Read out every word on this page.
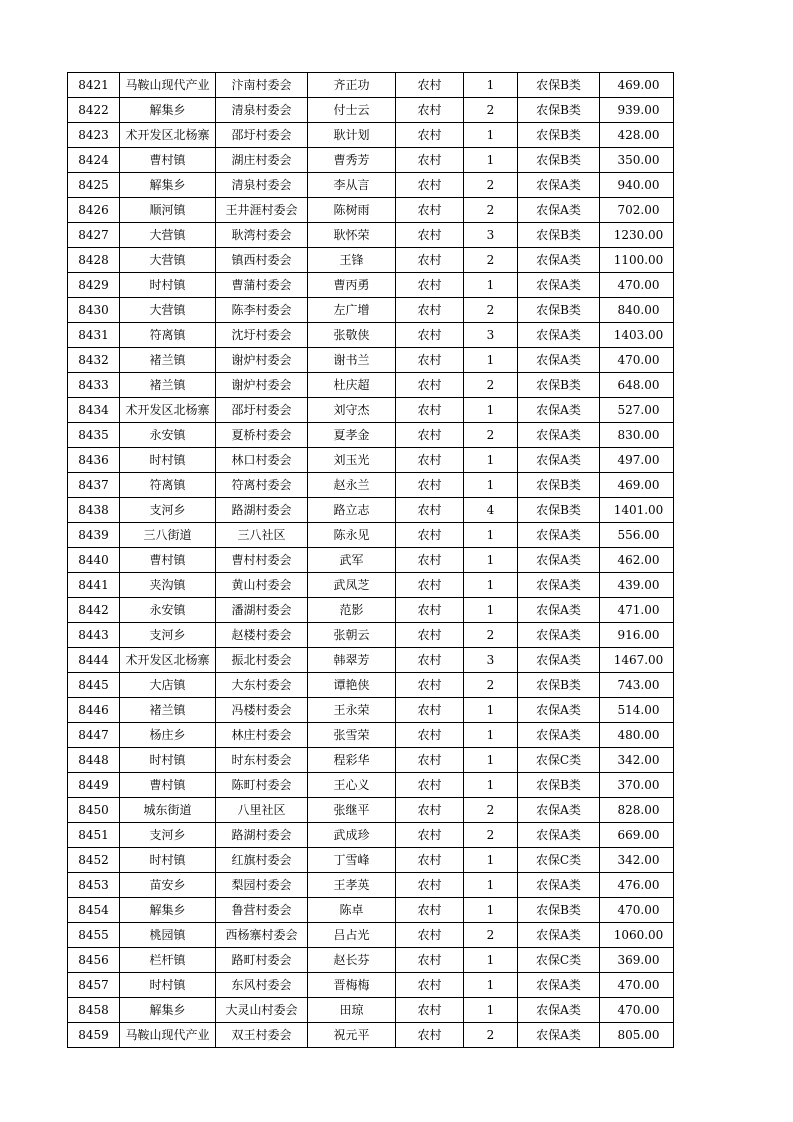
8421	马鞍山现代产业	汴南村委会	齐正功	农村	1	农保B类	469.00
8422	解集乡	清泉村委会	付士云	农村	2	农保B类	939.00
8423	术开发区北杨寨	邵圩村委会	耿计划	农村	1	农保B类	428.00
8424	曹村镇	湖庄村委会	曹秀芳	农村	1	农保B类	350.00
8425	解集乡	清泉村委会	李从言	农村	2	农保A类	940.00
8426	顺河镇	王井涯村委会	陈树雨	农村	2	农保A类	702.00
8427	大营镇	耿湾村委会	耿怀荣	农村	3	农保B类	1230.00
8428	大营镇	镇西村委会	王锋	农村	2	农保A类	1100.00
8429	时村镇	曹蒲村委会	曹丙勇	农村	1	农保A类	470.00
8430	大营镇	陈李村委会	左广增	农村	2	农保B类	840.00
8431	符离镇	沈圩村委会	张敬侠	农村	3	农保A类	1403.00
8432	褚兰镇	谢炉村委会	谢书兰	农村	1	农保A类	470.00
8433	褚兰镇	谢炉村委会	杜庆超	农村	2	农保B类	648.00
8434	术开发区北杨寨	邵圩村委会	刘守杰	农村	1	农保A类	527.00
8435	永安镇	夏桥村委会	夏孝金	农村	2	农保A类	830.00
8436	时村镇	林口村委会	刘玉光	农村	1	农保A类	497.00
8437	符离镇	符离村委会	赵永兰	农村	1	农保B类	469.00
8438	支河乡	路湖村委会	路立志	农村	4	农保B类	1401.00
8439	三八街道	三八社区	陈永见	农村	1	农保A类	556.00
8440	曹村镇	曹村村委会	武军	农村	1	农保A类	462.00
8441	夹沟镇	黄山村委会	武凤芝	农村	1	农保A类	439.00
8442	永安镇	潘湖村委会	范影	农村	1	农保A类	471.00
8443	支河乡	赵楼村委会	张朝云	农村	2	农保A类	916.00
8444	术开发区北杨寨	振北村委会	韩翠芳	农村	3	农保A类	1467.00
8445	大店镇	大东村委会	谭艳侠	农村	2	农保B类	743.00
8446	褚兰镇	冯楼村委会	王永荣	农村	1	农保A类	514.00
8447	杨庄乡	林庄村委会	张雪荣	农村	1	农保A类	480.00
8448	时村镇	时东村委会	程彩华	农村	1	农保C类	342.00
8449	曹村镇	陈町村委会	王心义	农村	1	农保B类	370.00
8450	城东街道	八里社区	张继平	农村	2	农保A类	828.00
8451	支河乡	路湖村委会	武成珍	农村	2	农保A类	669.00
8452	时村镇	红旗村委会	丁雪峰	农村	1	农保C类	342.00
8453	苗安乡	梨园村委会	王孝英	农村	1	农保A类	476.00
8454	解集乡	鲁营村委会	陈卓	农村	1	农保B类	470.00
8455	桃园镇	西杨寨村委会	吕占光	农村	2	农保A类	1060.00
8456	栏杆镇	路町村委会	赵长芬	农村	1	农保C类	369.00
8457	时村镇	东风村委会	晋梅梅	农村	1	农保A类	470.00
8458	解集乡	大灵山村委会	田琼	农村	1	农保A类	470.00
8459	马鞍山现代产业	双王村委会	祝元平	农村	2	农保A类	805.00
